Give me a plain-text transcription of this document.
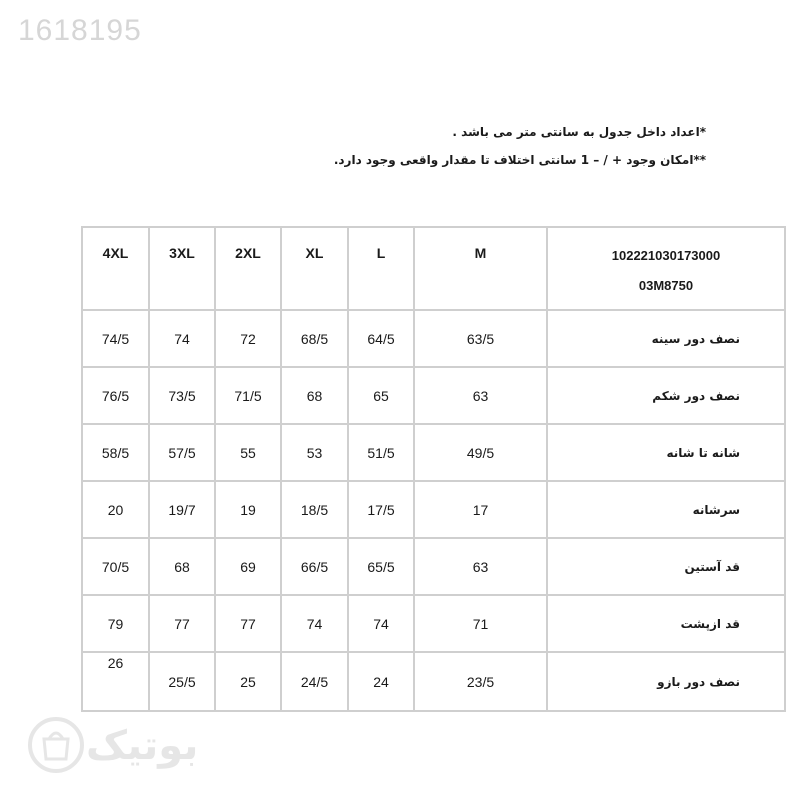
1618195
*اعداد داخل جدول به سانتی متر می باشد .
**امکان وجود + / – 1 سانتی اختلاف تا مقدار واقعی وجود دارد.
4XL	3XL	2XL	XL	L	M	102221030173000
03M8750

74/5	74	72	68/5	64/5	63/5	نصف دور سینه
76/5	73/5	71/5	68	65	63	نصف دور شکم
58/5	57/5	55	53	51/5	49/5	شانه تا شانه
20	19/7	19	18/5	17/5	17	سرشانه
70/5	68	69	66/5	65/5	63	قد آستین
79	77	77	74	74	71	قد ازپشت
26	25/5	25	24/5	24	23/5	نصف دور بازو
بوتیک
